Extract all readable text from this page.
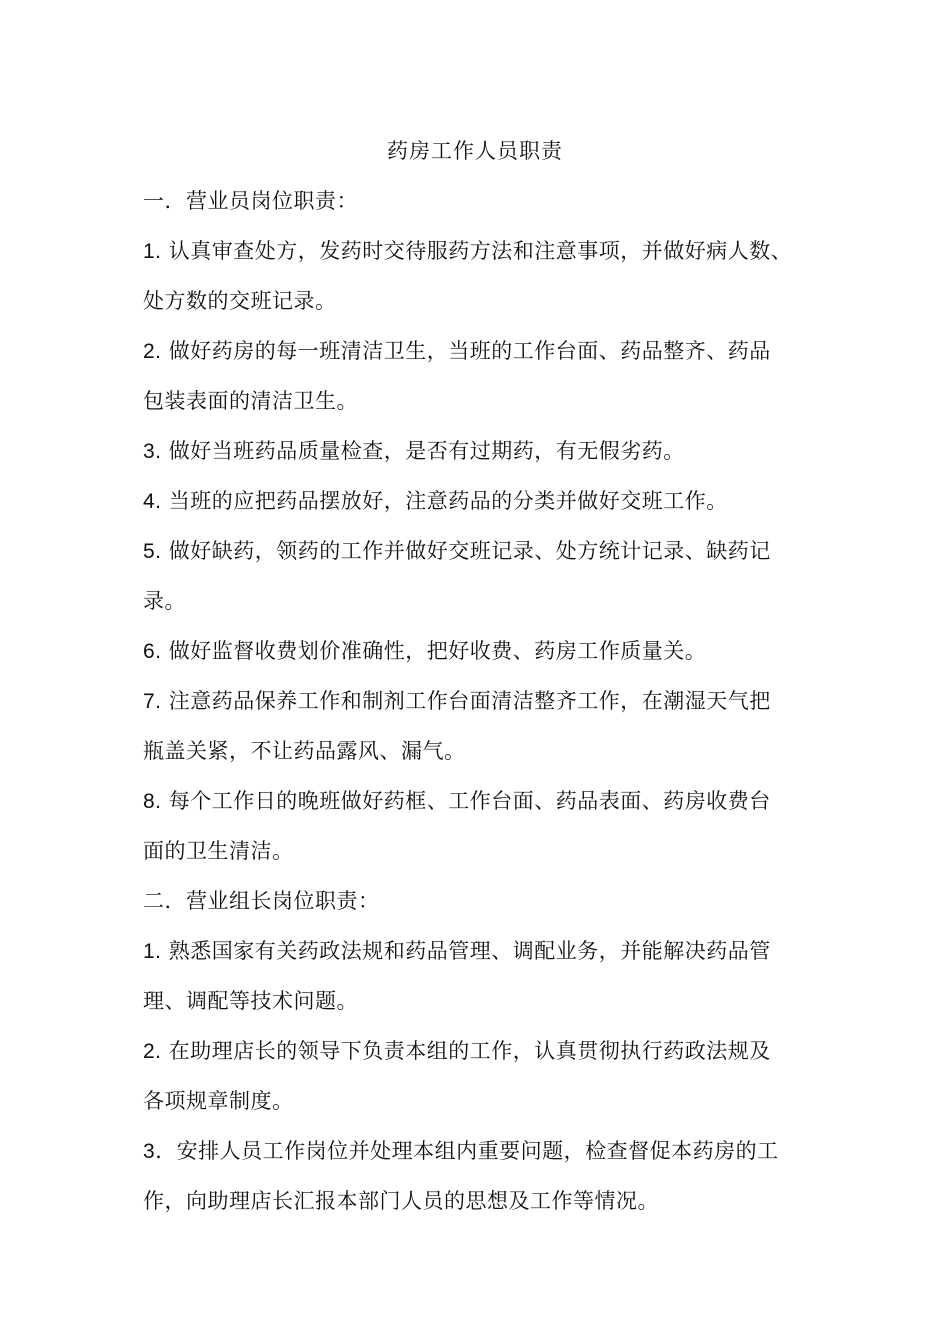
药房工作人员职责
一．营业员岗位职责：
1. 认真审查处方，发药时交待服药方法和注意事项，并做好病人数、
处方数的交班记录。
2. 做好药房的每一班清洁卫生，当班的工作台面、药品整齐、药品
包装表面的清洁卫生。
3. 做好当班药品质量检查，是否有过期药，有无假劣药。
4. 当班的应把药品摆放好，注意药品的分类并做好交班工作。
5. 做好缺药，领药的工作并做好交班记录、处方统计记录、缺药记
录。
6. 做好监督收费划价准确性，把好收费、药房工作质量关。
7. 注意药品保养工作和制剂工作台面清洁整齐工作，在潮湿天气把
瓶盖关紧，不让药品露风、漏气。
8. 每个工作日的晚班做好药框、工作台面、药品表面、药房收费台
面的卫生清洁。
二．营业组长岗位职责：
1. 熟悉国家有关药政法规和药品管理、调配业务，并能解决药品管
理、调配等技术问题。
2. 在助理店长的领导下负责本组的工作，认真贯彻执行药政法规及
各项规章制度。
3．安排人员工作岗位并处理本组内重要问题，检查督促本药房的工
作，向助理店长汇报本部门人员的思想及工作等情况。
